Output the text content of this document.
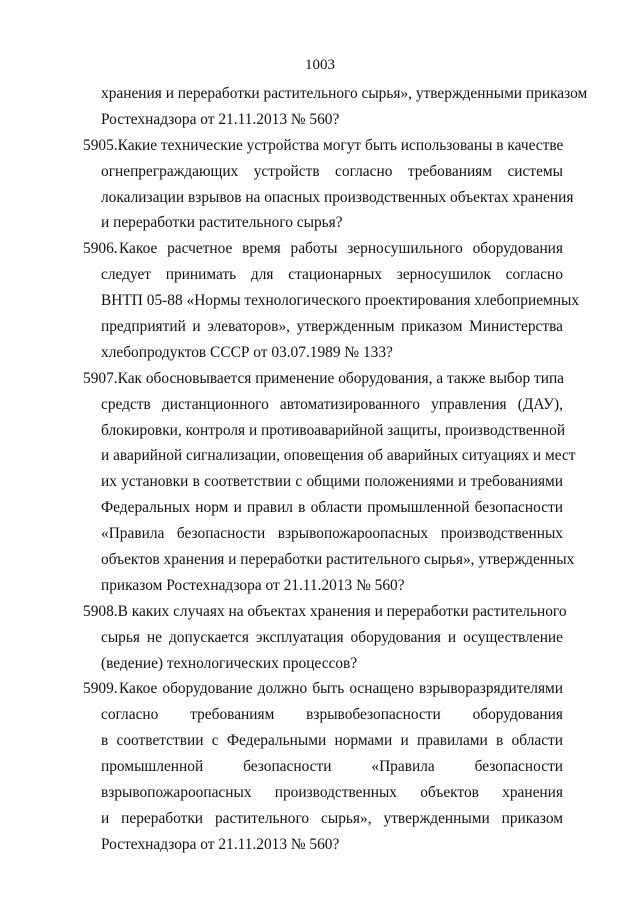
1003
хранения и переработки растительного сырья», утвержденными приказом
Ростехнадзора от 21.11.2013 № 560?
5905. Какие технические устройства могут быть использованы в качестве
огнепреграждающих устройств согласно требованиям системы
локализации взрывов на опасных производственных объектах хранения
и переработки растительного сырья?
5906. Какое расчетное время работы зерносушильного оборудования
следует принимать для стационарных зерносушилок согласно
ВНТП 05-88 «Нормы технологического проектирования хлебоприемных
предприятий и элеваторов», утвержденным приказом Министерства
хлебопродуктов СССР от 03.07.1989 № 133?
5907. Как обосновывается применение оборудования, а также выбор типа
средств дистанционного автоматизированного управления (ДАУ),
блокировки, контроля и противоаварийной защиты, производственной
и аварийной сигнализации, оповещения об аварийных ситуациях и мест
их установки в соответствии с общими положениями и требованиями
Федеральных норм и правил в области промышленной безопасности
«Правила безопасности взрывопожароопасных производственных
объектов хранения и переработки растительного сырья», утвержденных
приказом Ростехнадзора от 21.11.2013 № 560?
5908. В каких случаях на объектах хранения и переработки растительного
сырья не допускается эксплуатация оборудования и осуществление
(ведение) технологических процессов?
5909. Какое оборудование должно быть оснащено взрыворазрядителями
согласно требованиям взрывобезопасности оборудования
в соответствии с Федеральными нормами и правилами в области
промышленной безопасности «Правила безопасности
взрывопожароопасных производственных объектов хранения
и переработки растительного сырья», утвержденными приказом
Ростехнадзора от 21.11.2013 № 560?
